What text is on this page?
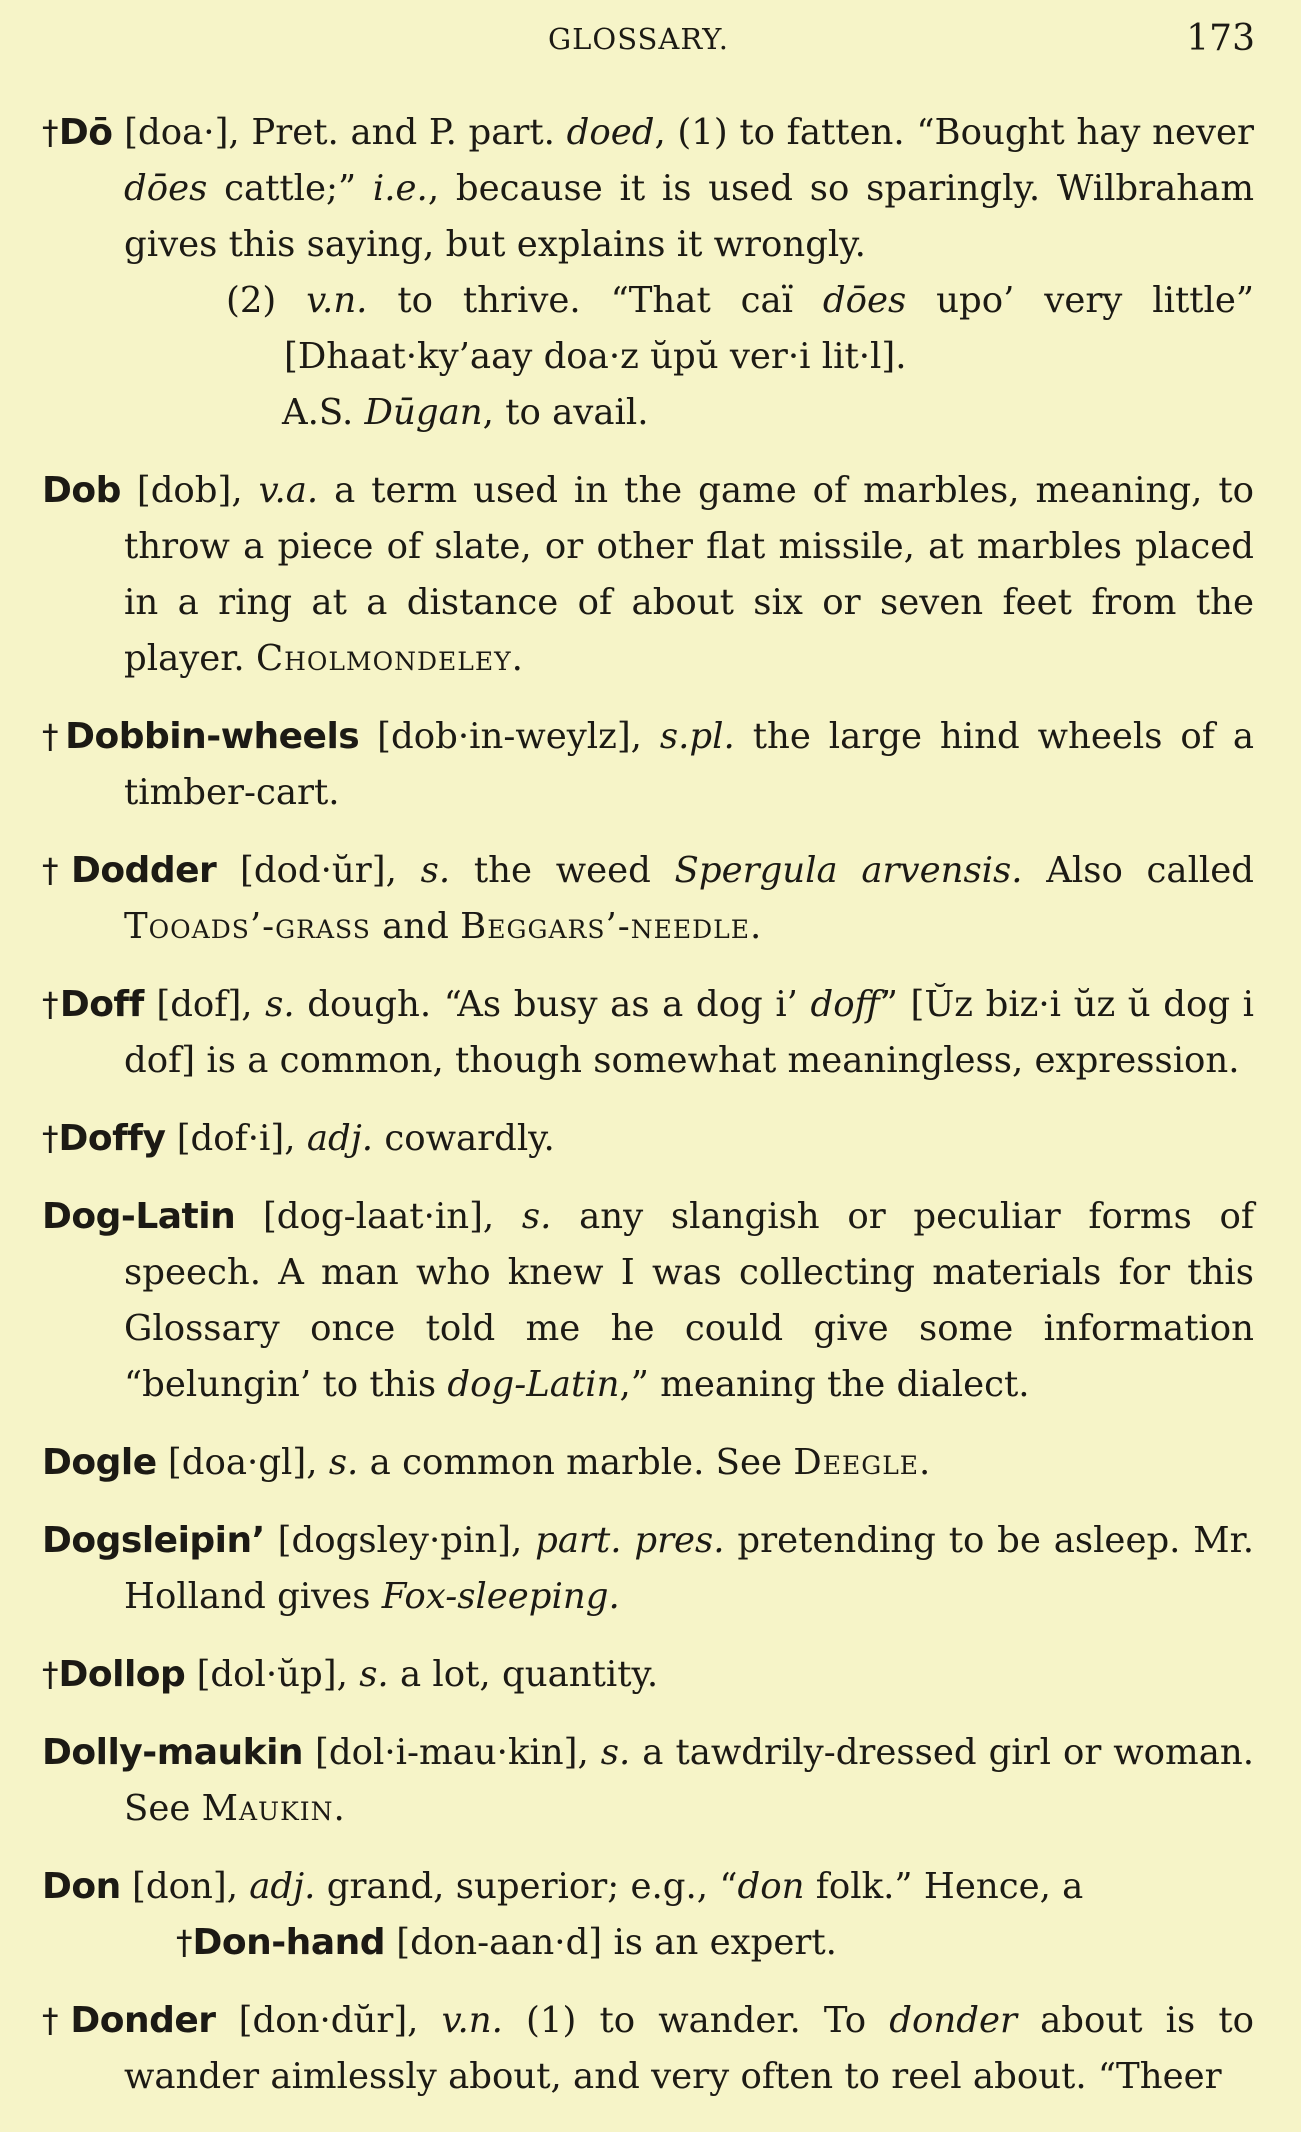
GLOSSARY.	173

†Dō [doa·], Pret. and P. part. doed, (1) to fatten. “Bought hay never dōes cattle;” i.e., because it is used so sparingly. Wilbraham gives this saying, but explains it wrongly.
(2) v.n. to thrive. “That caï dōes upo’ very little” [Dhaat·ky’aay doa·z ŭpŭ ver·i lit·l].
A.S. Dūgan, to avail.

Dob [dob], v.a. a term used in the game of marbles, meaning, to throw a piece of slate, or other flat missile, at marbles placed in a ring at a distance of about six or seven feet from the player. Cholmondeley.

†Dobbin-wheels [dob·in-weylz], s.pl. the large hind wheels of a timber-cart.

†Dodder [dod·ŭr], s. the weed Spergula arvensis. Also called Tooads’-grass and Beggars’-needle.

†Doff [dof], s. dough. “As busy as a dog i’ doff” [Ŭz biz·i ŭz ŭ dog i dof] is a common, though somewhat meaningless, expression.

†Doffy [dof·i], adj. cowardly.

Dog-Latin [dog-laat·in], s. any slangish or peculiar forms of speech. A man who knew I was collecting materials for this Glossary once told me he could give some information “belungin’ to this dog-Latin,” meaning the dialect.

Dogle [doa·gl], s. a common marble. See Deegle.

Dogsleipin’ [dogsley·pin], part. pres. pretending to be asleep. Mr. Holland gives Fox-sleeping.

†Dollop [dol·ŭp], s. a lot, quantity.

Dolly-maukin [dol·i-mau·kin], s. a tawdrily-dressed girl or woman. See Maukin.

Don [don], adj. grand, superior; e.g., “don folk.” Hence, a
†Don-hand [don-aan·d] is an expert.

†Donder [don·dŭr], v.n. (1) to wander. To donder about is to wander aimlessly about, and very often to reel about. “Theer
